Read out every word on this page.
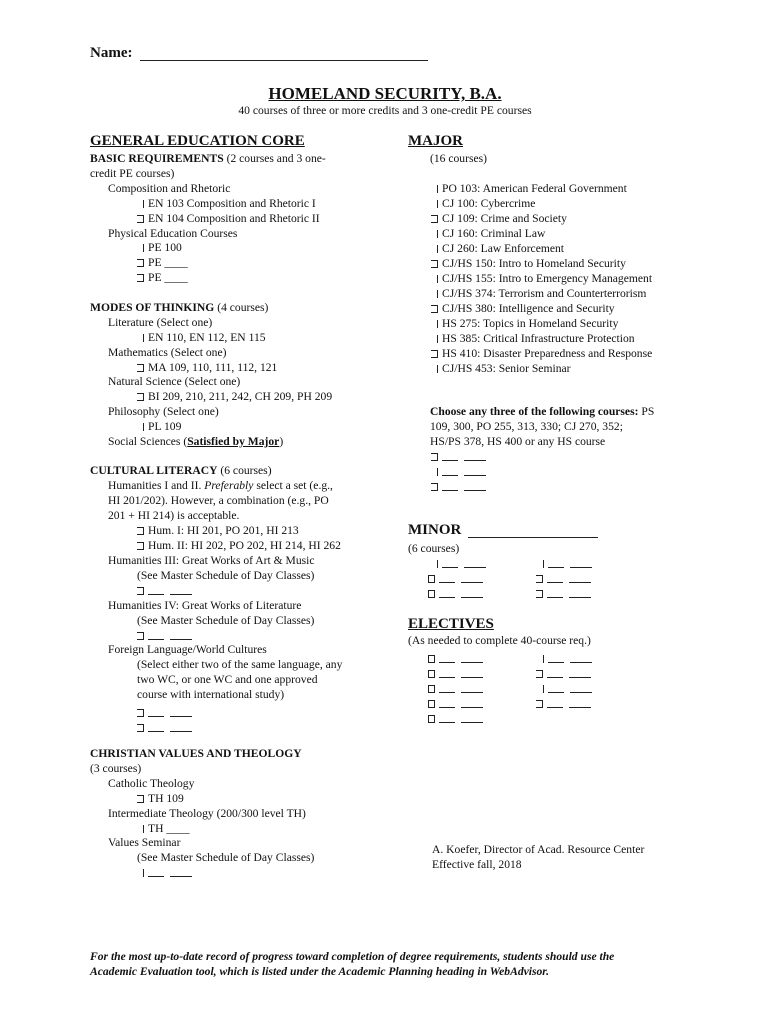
Name:
HOMELAND SECURITY, B.A.
40 courses of three or more credits and 3 one-credit PE courses
GENERAL EDUCATION CORE
BASIC REQUIREMENTS (2 courses and 3 one-
credit PE courses)
Composition and Rhetoric
EN 103 Composition and Rhetoric I
EN 104 Composition and Rhetoric II
Physical Education Courses
PE 100
PE ____
PE ____
MODES OF THINKING (4 courses)
Literature (Select one)
EN 110, EN 112, EN 115
Mathematics (Select one)
MA 109, 110, 111, 112, 121
Natural Science (Select one)
BI 209, 210, 211, 242, CH 209, PH 209
Philosophy (Select one)
PL 109
Social Sciences (Satisfied by Major)
CULTURAL LITERACY (6 courses)
Humanities I and II. Preferably select a set (e.g.,
HI 201/202). However, a combination (e.g., PO
201 + HI 214) is acceptable.
Hum. I: HI 201, PO 201, HI 213
Hum. II: HI 202, PO 202, HI 214, HI 262
Humanities III: Great Works of Art & Music
(See Master Schedule of Day Classes)

Humanities IV: Great Works of Literature
(See Master Schedule of Day Classes)

Foreign Language/World Cultures
(Select either two of the same language, any
two WC, or one WC and one approved
course with international study)

CHRISTIAN VALUES AND THEOLOGY
(3 courses)
Catholic Theology
TH 109
Intermediate Theology (200/300 level TH)
TH ____
Values Seminar
(See Master Schedule of Day Classes)

MAJOR
(16 courses)
PO 103: American Federal Government
CJ 100: Cybercrime
CJ 109: Crime and Society
CJ 160: Criminal Law
CJ 260: Law Enforcement
CJ/HS 150: Intro to Homeland Security
CJ/HS 155: Intro to Emergency Management
CJ/HS 374: Terrorism and Counterterrorism
CJ/HS 380: Intelligence and Security
HS 275: Topics in Homeland Security
HS 385: Critical Infrastructure Protection
HS 410: Disaster Preparedness and Response
CJ/HS 453: Senior Seminar
Choose any three of the following courses: PS
109, 300, PO 255, 313, 330; CJ 270, 352;
HS/PS 378, HS 400 or any HS course

MINOR
(6 courses)

ELECTIVES
(As needed to complete 40-course req.)

A. Koefer, Director of Acad. Resource Center
Effective fall, 2018
For the most up-to-date record of progress toward completion of degree requirements, students should use the
Academic Evaluation tool, which is listed under the Academic Planning heading in WebAdvisor.
